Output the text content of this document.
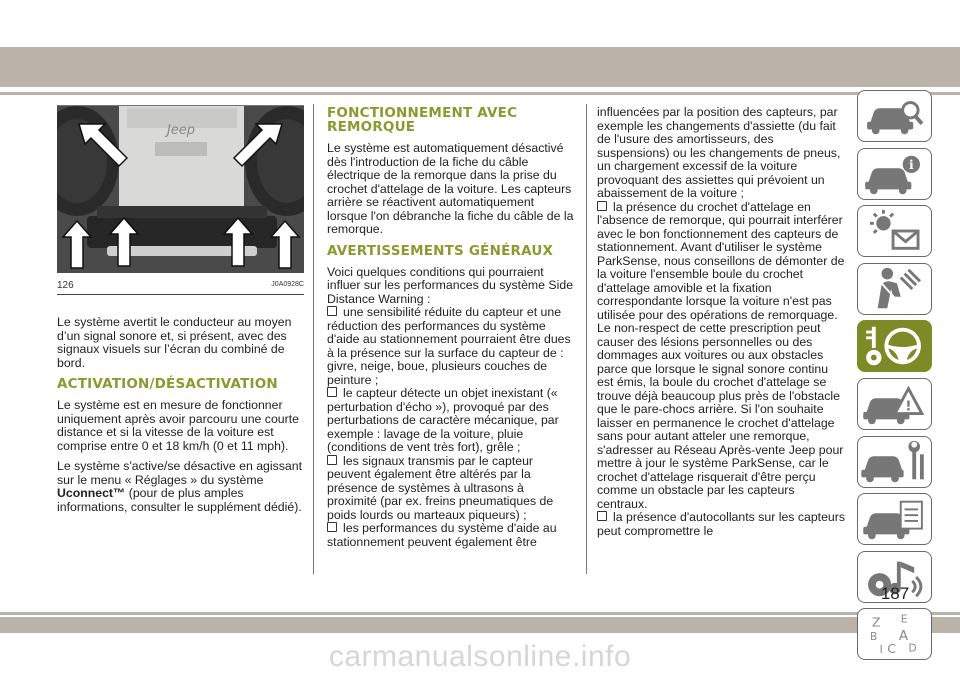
Jeep
126	J0A0928C

Le système avertit le conducteur au moyen d’un signal sonore et, si présent, avec des signaux visuels sur l’écran du combiné de bord.

ACTIVATION/DÉSACTIVATION

Le système est en mesure de fonctionner uniquement après avoir parcouru une courte distance et si la vitesse de la voiture est comprise entre 0 et 18 km/h (0 et 11 mph).

Le système s'active/se désactive en agissant sur le menu « Réglages » du système Uconnect™ (pour de plus amples informations, consulter le supplément dédié).

FONCTIONNEMENT AVEC REMORQUE

Le système est automatiquement désactivé dès l'introduction de la fiche du câble électrique de la remorque dans la prise du crochet d'attelage de la voiture. Les capteurs arrière se réactivent automatiquement lorsque l'on débranche la fiche du câble de la remorque.

AVERTISSEMENTS GÉNÉRAUX

Voici quelques conditions qui pourraient influer sur les performances du système Side Distance Warning :

une sensibilité réduite du capteur et une réduction des performances du système d'aide au stationnement pourraient être dues à la présence sur la surface du capteur de : givre, neige, boue, plusieurs couches de peinture ;
le capteur détecte un objet inexistant (« perturbation d'écho »), provoqué par des perturbations de caractère mécanique, par exemple : lavage de la voiture, pluie (conditions de vent très fort), grêle ;
les signaux transmis par le capteur peuvent également être altérés par la présence de systèmes à ultrasons à proximité (par ex. freins pneumatiques de poids lourds ou marteaux piqueurs) ;
les performances du système d'aide au stationnement peuvent également être

influencées par la position des capteurs, par exemple les changements d'assiette (du fait de l'usure des amortisseurs, des suspensions) ou les changements de pneus, un chargement excessif de la voiture provoquant des assiettes qui prévoient un abaissement de la voiture ;

la présence du crochet d'attelage en l'absence de remorque, qui pourrait interférer avec le bon fonctionnement des capteurs de stationnement. Avant d'utiliser le système ParkSense, nous conseillons de démonter de la voiture l'ensemble boule du crochet d'attelage amovible et la fixation correspondante lorsque la voiture n'est pas utilisée pour des opérations de remorquage. Le non-respect de cette prescription peut causer des lésions personnelles ou des dommages aux voitures ou aux obstacles parce que lorsque le signal sonore continu est émis, la boule du crochet d'attelage se trouve déjà beaucoup plus près de l'obstacle que le pare-chocs arrière. Si l'on souhaite laisser en permanence le crochet d'attelage sans pour autant atteler une remorque, s'adresser au Réseau Après-vente Jeep pour mettre à jour le système ParkSense, car le crochet d'attelage risquerait d'être perçu comme un obstacle par les capteurs centraux.
la présence d'autocollants sur les capteurs peut compromettre le
i
!
Z E
B A
I C D
187
carmanualsonline.info
